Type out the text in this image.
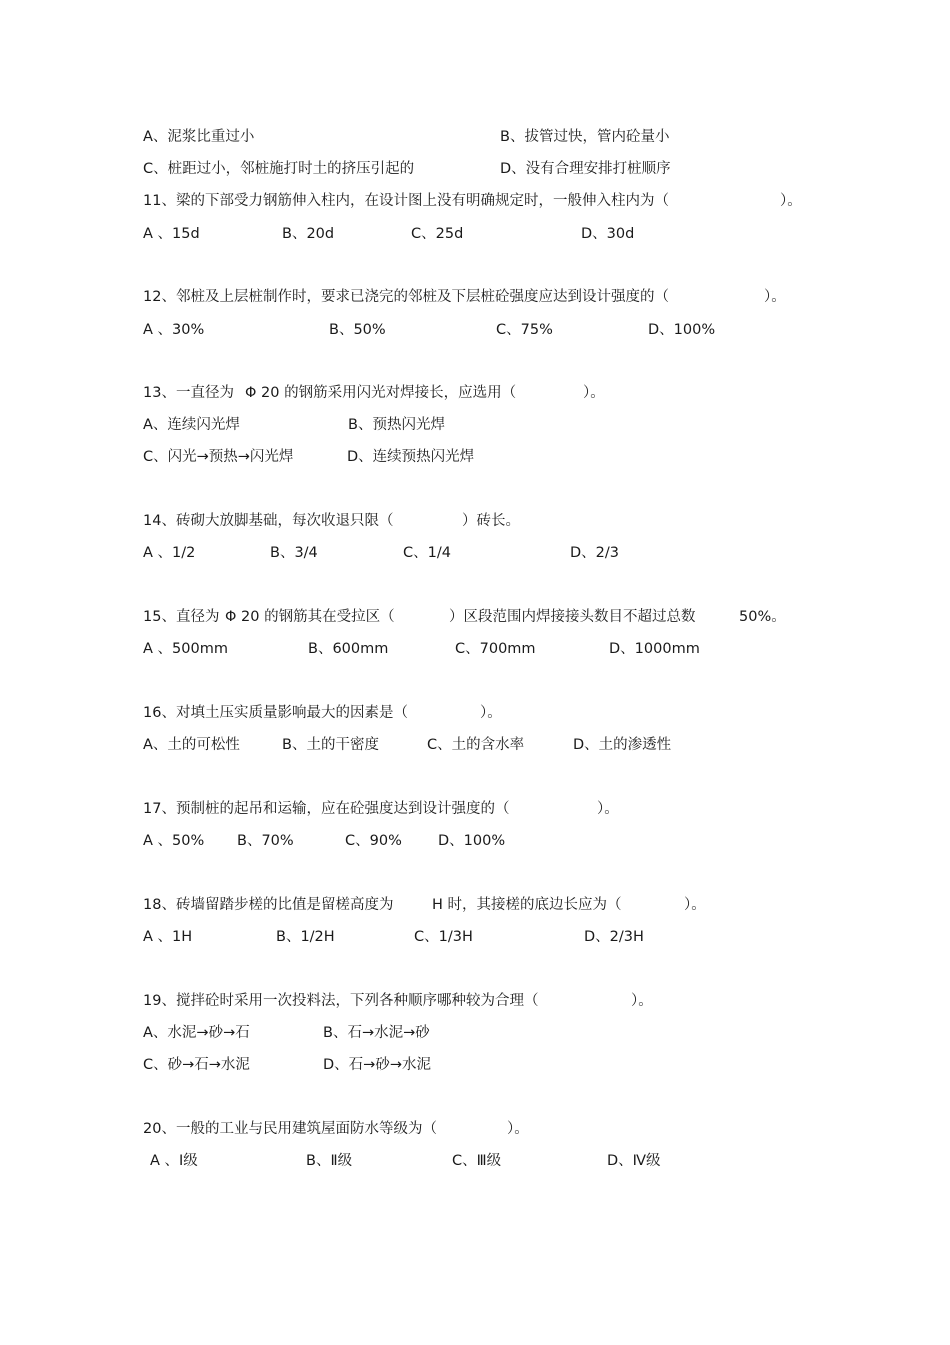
A、泥浆比重过小	B、拔管过快，管内砼量小
C、桩距过小，邻桩施打时土的挤压引起的	D、没有合理安排打桩顺序
11、梁的下部受力钢筋伸入柱内，在设计图上没有明确规定时，一般伸入柱内为（	）。
A 、15d	B、20d	C、25d	D、30d
12、邻桩及上层桩制作时，要求已浇完的邻桩及下层桩砼强度应达到设计强度的（	）。
A 、30%	B、50%	C、75%	D、100%
13、一直径为 Φ 20 的钢筋采用闪光对焊接长，应选用（	）。
A、连续闪光焊	B、预热闪光焊
C、闪光→预热→闪光焊	D、连续预热闪光焊
14、砖砌大放脚基础，每次收退只限（	）砖长。
A 、1/2	B、3/4	C、1/4	D、2/3
15、直径为 Φ 20 的钢筋其在受拉区（	）区段范围内焊接接头数目不超过总数	50%。
A 、500mm	B、600mm	C、700mm	D、1000mm
16、对填土压实质量影响最大的因素是（	）。
A、土的可松性	B、土的干密度	C、土的含水率	D、土的渗透性
17、预制桩的起吊和运输，应在砼强度达到设计强度的（	）。
A 、50% B、70%	C、90% D、100%
18、砖墙留踏步槎的比值是留槎高度为	H 时，其接槎的底边长应为（	）。
A 、1H	B、1/2H	C、1/3H	D、2/3H
19、搅拌砼时采用一次投料法，下列各种顺序哪种较为合理（	）。
A、水泥→砂→石	B、石→水泥→砂
C、砂→石→水泥	D、石→砂→水泥
20、一般的工业与民用建筑屋面防水等级为（	）。
A 、Ⅰ级	B、Ⅱ级	C、Ⅲ级	D、Ⅳ级
